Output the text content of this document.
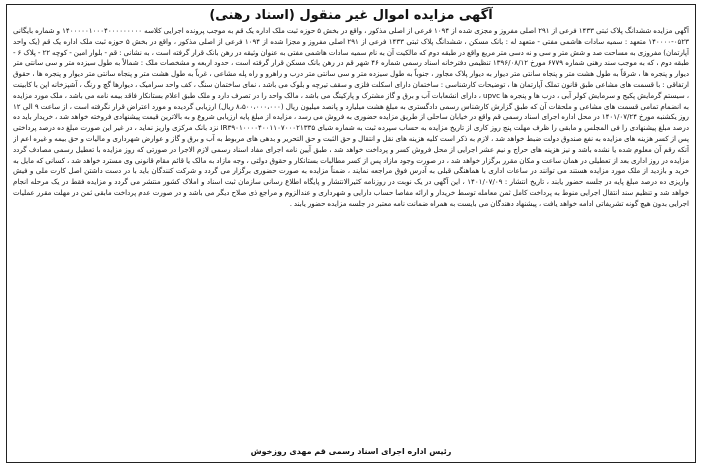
آگهی مزایده اموال غیر منقول (اسناد رهنی)
آگهی مزایده ششدانگ پلاک ثبتی ۱۴۳۳ فرعی از ۲۹۱ اصلی مفروز و مجزی شده از ۱۰۹۴ فرعی از اصلی مذکور ، واقع در بخش ۵ حوزه ثبت ملک اداره یک قم به موجب پرونده اجرایی کلاسه ۱۴۰۰۰۰۰۱۰۰۰۴۰۰۰۰۰۰۰۰۰ و شماره بایگانی ۰۵۲۳-۱۴۰۰۰۰ متعهد : سمیه سادات هاشمی مفتی - متعهد له : بانک مسکن ، ششدانگ پلاک ثبتی ۱۴۳۳ فرعی از ۲۹۱ اصلی مفروز و مجزا شده از ۱۰۹۴ فرعی از اصلی مذکور ، واقع در بخش ۵ حوزه ثبت ملک اداره یک قم (یک واحد آپارتمان) مفروزی به مساحت صد و شش متر و سی و نه دسی متر مربع واقع در طبقه دوم که مالکیت آن به نام سمیه سادات هاشمی مفتی به عنوان وثیقه در رهن بانک قرار گرفته است ، به نشانی : قم - بلوار امین - کوچه ۲۲ - پلاک ۶ - طبقه دوم ، که به موجب سند رهنی شماره ۶۷۷۹ مورخ ۱۳۹۶/۰۸/۱۲ تنظیمی دفترخانه اسناد رسمی شماره ۴۶ شهر قم در رهن بانک مسکن قرار گرفته است ، حدود اربعه و مشخصات ملک : شمالاً به طول سیزده متر و سی سانتی متر دیوار و پنجره ها ، شرقاً به طول هشت متر و پنجاه سانتی متر دیوار به دیوار پلاک مجاور ، جنوباً به طول سیزده متر و سی سانتی متر درب و راهرو و راه پله مشاعی ، غرباً به طول هشت متر و پنجاه سانتی متر دیوار و پنجره ها ، حقوق ارتفاقی : با قسمت های مشاعی طبق قانون تملک آپارتمان ها ، توضیحات کارشناسی : ساختمان دارای اسکلت فلزی و سقف تیرچه و بلوک می باشد ، نمای ساختمان سنگ ، کف واحد سرامیک ، دیوارها گچ و رنگ ، آشپزخانه اپن با کابینت ، سیستم گرمایش پکیج و سرمایش کولر آبی ، درب ها و پنجره ها upvc ، دارای انشعابات آب و برق و گاز مشترک و پارکینگ می باشد ، مالک واحد را در تصرف دارد و ملک طبق اعلام بستانکار فاقد بیمه نامه می باشد ، ملک مورد مزایده به انضمام تمامی قسمت های مشاعی و ملحقات آن که طبق گزارش کارشناس رسمی دادگستری به مبلغ هشت میلیارد و پانصد میلیون ریال (۸،۵۰۰،۰۰۰،۰۰۰ ریال) ارزیابی گردیده و مورد اعتراض قرار نگرفته است ، از ساعت ۹ الی ۱۲ روز یکشنبه مورخ ۱۴۰۱/۰۷/۲۴ در محل اداره اجرای اسناد رسمی قم واقع در خیابان ساحلی از طریق مزایده حضوری به فروش می رسد ، مزایده از مبلغ پایه ارزیابی شروع و به بالاترین قیمت پیشنهادی فروخته خواهد شد ، خریدار باید ده درصد مبلغ پیشنهادی را فی المجلس و مابقی را ظرف مهلت پنج روز کاری از تاریخ مزایده به حساب سپرده ثبت به شماره شبای IR۳۹۰۱۰۰۰۰۴۰۰۱۱۰۷۰۰۰۲۱۳۳۵ نزد بانک مرکزی واریز نماید ، در غیر این صورت مبلغ ده درصد پرداختی پس از کسر هزینه های مزایده به نفع صندوق دولت ضبط خواهد شد ، لازم به ذکر است کلیه هزینه های نقل و انتقال و حق الثبت و حق التحریر و بدهی های مربوط به آب و برق و گاز و عوارض شهرداری و مالیات و حق بیمه و غیره اعم از آنکه رقم آن معلوم شده یا نشده باشد و نیز هزینه های حراج و نیم عشر اجرایی از محل فروش کسر و پرداخت خواهد شد ، طبق آیین نامه اجرای مفاد اسناد رسمی لازم الاجرا در صورتی که روز مزایده با تعطیل رسمی مصادف گردد مزایده در روز اداری بعد از تعطیلی در همان ساعت و مکان مقرر برگزار خواهد شد ، در صورت وجود مازاد پس از کسر مطالبات بستانکار و حقوق دولتی ، وجه مازاد به مالک یا قائم مقام قانونی وی مسترد خواهد شد ، کسانی که مایل به خرید و بازدید از ملک مورد مزایده هستند می توانند در ساعات اداری با هماهنگی قبلی به آدرس فوق مراجعه نمایند ، ضمناً مزایده به صورت حضوری برگزار می گردد و شرکت کنندگان باید با در دست داشتن اصل کارت ملی و فیش واریزی ده درصد مبلغ پایه در جلسه حضور یابند ، تاریخ انتشار : ۱۴۰۱/۰۷/۰۹ ، این آگهی در یک نوبت در روزنامه کثیرالانتشار و پایگاه اطلاع رسانی سازمان ثبت اسناد و املاک کشور منتشر می گردد و مزایده فقط در یک مرحله انجام خواهد شد و تنظیم سند انتقال اجرایی منوط به پرداخت کامل ثمن معامله توسط خریدار و ارائه مفاصا حساب دارایی و شهرداری و عندالزوم و مراجع ذی صلاح دیگر می باشد و در صورت عدم پرداخت مابقی ثمن در مهلت مقرر عملیات اجرایی بدون هیچ گونه تشریفاتی ادامه خواهد یافت ، پیشنهاد دهندگان می بایست به همراه ضمانت نامه معتبر در جلسه مزایده حضور یابند .
رئیس اداره اجرای اسناد رسمی قم مهدی روزخوش
